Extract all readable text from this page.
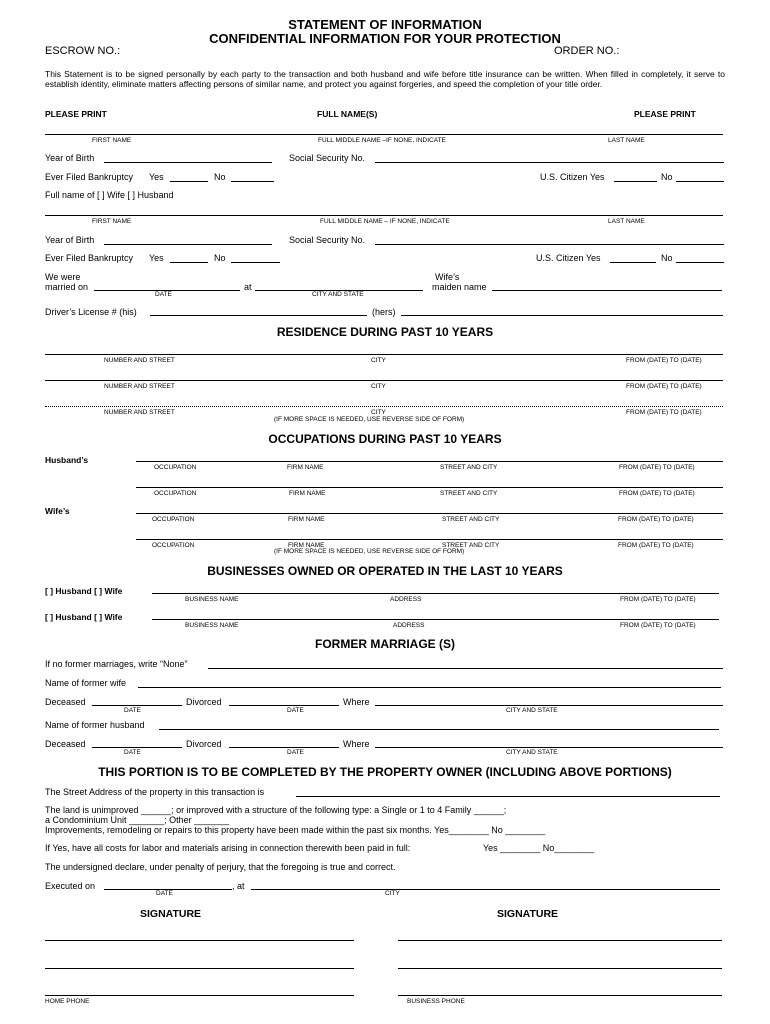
STATEMENT OF INFORMATION
CONFIDENTIAL INFORMATION FOR YOUR PROTECTION
ESCROW NO.:	ORDER NO.:
This Statement is to be signed personally by each party to the transaction and both husband and wife before title insurance can be written. When filled in completely, it serve to establish identity, eliminate matters affecting persons of similar name, and protect you against forgeries, and speed the completion of your title order.
PLEASE PRINT	FULL NAME(S)	PLEASE PRINT
FIRST NAME	FULL MIDDLE NAME –IF NONE, INDICATE	LAST NAME
Year of Birth	Social Security No.
Ever Filed Bankruptcy Yes	No	U.S. Citizen Yes	No
Full name of [ ] Wife [ ] Husband
FIRST NAME	FULL MIDDLE NAME – IF NONE, INDICATE	LAST NAME
Year of Birth	Social Security No.
Ever Filed Bankruptcy Yes	No	U.S. Citizen Yes	No
We were
married on	at
Wife’s
maiden name
DATE	CITY AND STATE
Driver’s License # (his)	(hers)
RESIDENCE DURING PAST 10 YEARS
NUMBER AND STREET	CITY	FROM (DATE) TO (DATE)
NUMBER AND STREET	CITY	FROM (DATE) TO (DATE)
NUMBER AND STREET	CITY	FROM (DATE) TO (DATE)
(IF MORE SPACE IS NEEDED, USE REVERSE SIDE OF FORM)
OCCUPATIONS DURING PAST 10 YEARS
Husband’s
OCCUPATION	FIRM NAME	STREET AND CITY	FROM (DATE) TO (DATE)
OCCUPATION	FIRM NAME	STREET AND CITY	FROM (DATE) TO (DATE)
Wife’s
OCCUPATION	FIRM NAME	STREET AND CITY	FROM (DATE) TO (DATE)
OCCUPATION	FIRM NAME	STREET AND CITY	FROM (DATE) TO (DATE)
(IF MORE SPACE IS NEEDED, USE REVERSE SIDE OF FORM)
BUSINESSES OWNED OR OPERATED IN THE LAST 10 YEARS
[ ] Husband [ ] Wife
BUSINESS NAME	ADDRESS	FROM (DATE) TO (DATE)
[ ] Husband [ ] Wife
BUSINESS NAME	ADDRESS	FROM (DATE) TO (DATE)
FORMER MARRIAGE (S)
If no former marriages, write “None”
Name of former wife
Deceased	Divorced	Where
DATE	DATE	CITY AND STATE
Name of former husband
Deceased	Divorced	Where
DATE	DATE	CITY AND STATE
THIS PORTION IS TO BE COMPLETED BY THE PROPERTY OWNER (INCLUDING ABOVE PORTIONS)
The Street Address of the property in this transaction is
The land is unimproved ______; or improved with a structure of the following type: a Single or 1 to 4 Family ______;
a Condominium Unit _______; Other _______
Improvements, remodeling or repairs to this property have been made within the past six months. Yes________ No ________
If Yes, have all costs for labor and materials arising in connection therewith been paid in full:	Yes ________ No________
The undersigned declare, under penalty of perjury, that the foregoing is true and correct.
Executed on	, at
DATE	CITY
SIGNATURE	SIGNATURE
HOME PHONE	BUSINESS PHONE
